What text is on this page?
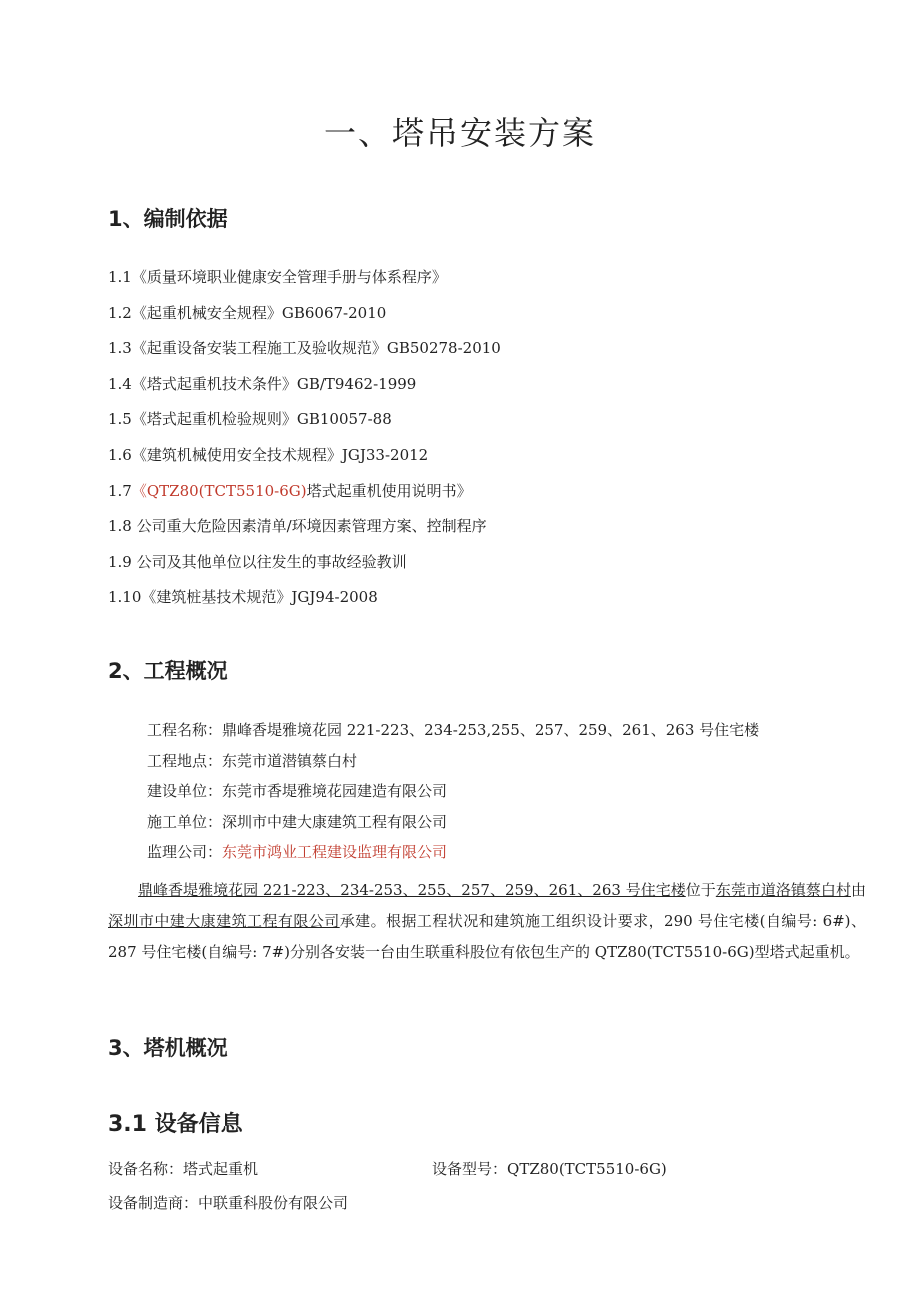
一、塔吊安装方案
1、编制依据
1.1《质量环境职业健康安全管理手册与体系程序》
1.2《起重机械安全规程》GB6067-2010
1.3《起重设备安装工程施工及验收规范》GB50278-2010
1.4《塔式起重机技术条件》GB/T9462-1999
1.5《塔式起重机检验规则》GB10057-88
1.6《建筑机械使用安全技术规程》JGJ33-2012
1.7《QTZ80(TCT5510-6G)塔式起重机使用说明书》
1.8 公司重大危险因素清单/环境因素管理方案、控制程序
1.9 公司及其他单位以往发生的事故经验教训
1.10《建筑桩基技术规范》JGJ94-2008
2、工程概况
工程名称：鼎峰香堤雅境花园 221-223、234-253,255、257、259、261、263 号住宅楼
工程地点：东莞市道潜镇蔡白村
建设单位：东莞市香堤雅境花园建造有限公司
施工单位：深圳市中建大康建筑工程有限公司
监理公司：东莞市鸿业工程建设监理有限公司

鼎峰香堤雅境花园 221-223、234-253、255、257、259、261、263 号住宅楼位于东莞市道洛镇蔡白村由深圳市中建大康建筑工程有限公司承建。根据工程状况和建筑施工组织设计要求，290 号住宅楼(自编号: 6#)、287 号住宅楼(自编号: 7#)分别各安装一台由生联重科股位有依包生产的 QTZ80(TCT5510-6G)型塔式起重机。

3、塔机概况
3.1 设备信息
设备名称：塔式起重机	设备型号：QTZ80(TCT5510-6G)
设备制造商：中联重科股份有限公司
